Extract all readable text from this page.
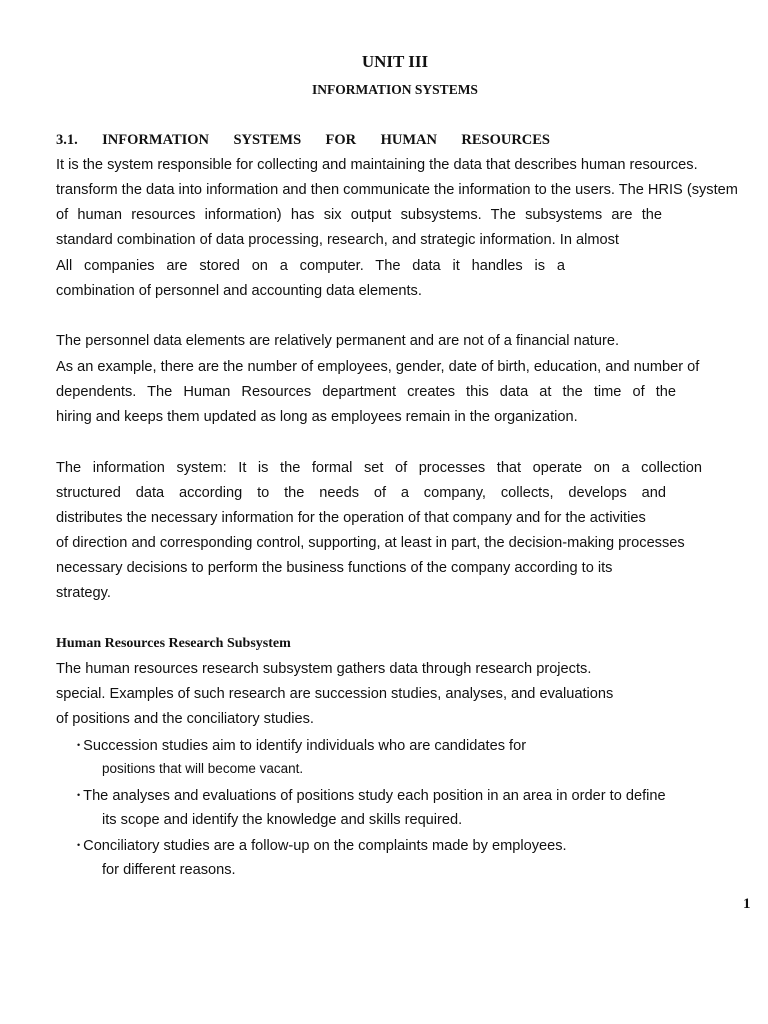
UNIT III
INFORMATION SYSTEMS
3.1. INFORMATION SYSTEMS FOR HUMAN RESOURCES
It is the system responsible for collecting and maintaining the data that describes human resources.
transform the data into information and then communicate the information to the users. The HRIS (system
of human resources information) has six output subsystems. The subsystems are the
standard combination of data processing, research, and strategic information. In almost
All companies are stored on a computer. The data it handles is a
combination of personnel and accounting data elements.
The personnel data elements are relatively permanent and are not of a financial nature.
As an example, there are the number of employees, gender, date of birth, education, and number of
dependents. The Human Resources department creates this data at the time of the
hiring and keeps them updated as long as employees remain in the organization.
The information system: It is the formal set of processes that operate on a collection
structured data according to the needs of a company, collects, develops and
distributes the necessary information for the operation of that company and for the activities
of direction and corresponding control, supporting, at least in part, the decision-making processes
necessary decisions to perform the business functions of the company according to its
strategy.
Human Resources Research Subsystem
The human resources research subsystem gathers data through research projects.
special. Examples of such research are succession studies, analyses, and evaluations
of positions and the conciliatory studies.
• Succession studies aim to identify individuals who are candidates for
positions that will become vacant.
• The analyses and evaluations of positions study each position in an area in order to define
its scope and identify the knowledge and skills required.
• Conciliatory studies are a follow-up on the complaints made by employees.
for different reasons.
1
